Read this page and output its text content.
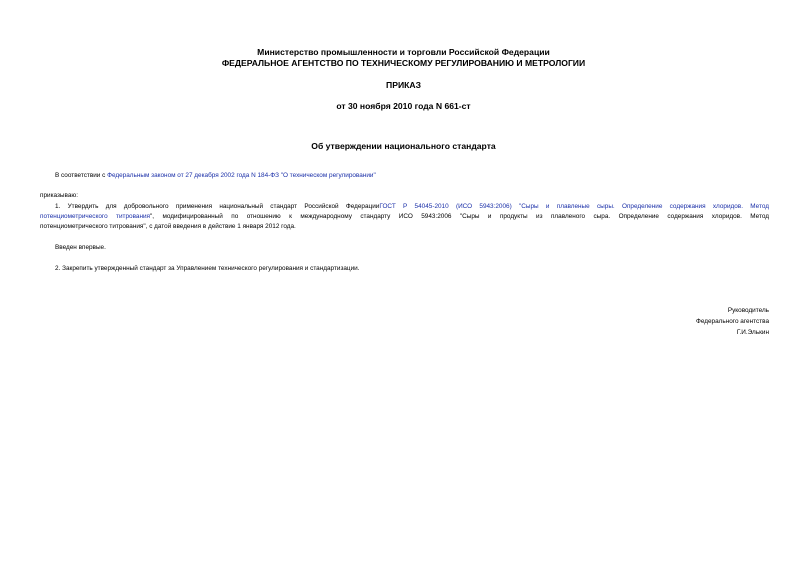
Министерство промышленности и торговли Российской Федерации
ФЕДЕРАЛЬНОЕ АГЕНТСТВО ПО ТЕХНИЧЕСКОМУ РЕГУЛИРОВАНИЮ И МЕТРОЛОГИИ
ПРИКАЗ
от 30 ноября 2010 года N 661-ст
Об утверждении национального стандарта
В соответствии с Федеральным законом от 27 декабря 2002 года N 184-ФЗ "О техническом регулировании"
приказываю:
1. Утвердить для добровольного применения национальный стандарт Российской ФедерацииГОСТ Р 54045-2010 (ИСО 5943:2006) "Сыры и плавленые сыры. Определение содержания хлоридов. Метод
потенциометрического титрования", модифицированный по отношению к международному стандарту ИСО 5943:2006 "Сыры и продукты из плавленого сыра. Определение содержания хлоридов. Метод
потенциометрического титрования", с датой введения в действие 1 января 2012 года.
Введен впервые.
2. Закрепить утвержденный стандарт за Управлением технического регулирования и стандартизации.
Руководитель
Федерального агентства
Г.И.Элькин
